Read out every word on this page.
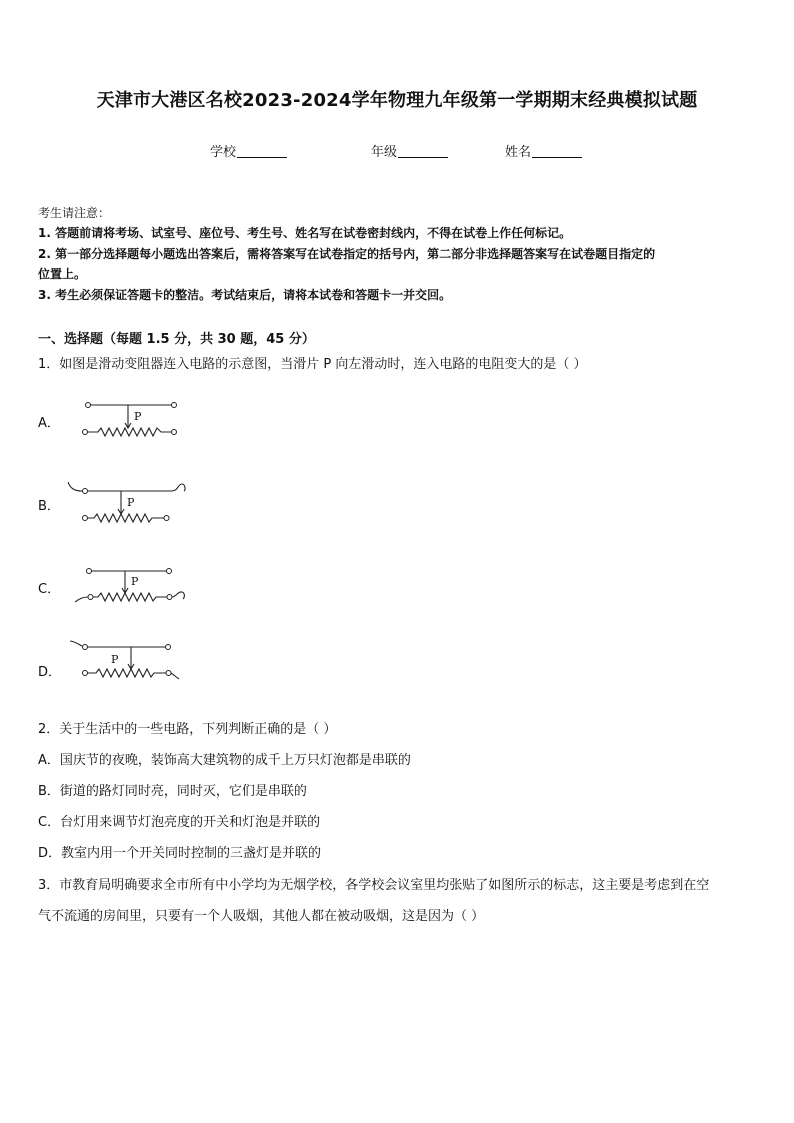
天津市大港区名校2023-2024学年物理九年级第一学期期末经典模拟试题
学校	年级	姓名
考生请注意：
1. 答题前请将考场、试室号、座位号、考生号、姓名写在试卷密封线内，不得在试卷上作任何标记。
2. 第一部分选择题每小题选出答案后，需将答案写在试卷指定的括号内，第二部分非选择题答案写在试卷题目指定的
位置上。
3. 考生必须保证答题卡的整洁。考试结束后，请将本试卷和答题卡一并交回。
一、选择题（每题 1.5 分，共 30 题，45 分）
1．如图是滑动变阻器连入电路的示意图，当滑片 P 向左滑动时，连入电路的电阻变大的是（ ）
A．	P
B．	P
C．
P
D．
P
2．关于生活中的一些电路，下列判断正确的是（ ）
A．国庆节的夜晚，装饰高大建筑物的成千上万只灯泡都是串联的
B．街道的路灯同时亮，同时灭，它们是串联的
C．台灯用来调节灯泡亮度的开关和灯泡是并联的
D．教室内用一个开关同时控制的三盏灯是并联的
3．市教育局明确要求全市所有中小学均为无烟学校，各学校会议室里均张贴了如图所示的标志，这主要是考虑到在空
气不流通的房间里，只要有一个人吸烟，其他人都在被动吸烟，这是因为（ ）
